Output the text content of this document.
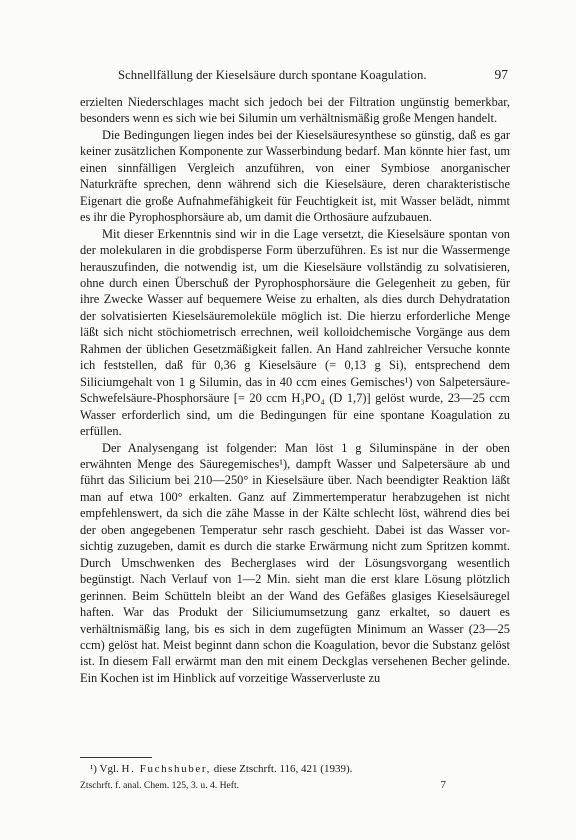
Schnellfällung der Kieselsäure durch spontane Koagulation.	97

erzielten Niederschlages macht sich jedoch bei der Filtration ungünstig bemerkbar, besonders wenn es sich wie bei Silumin um verhältnismäßig große Mengen handelt.

Die Bedingungen liegen indes bei der Kieselsäuresynthese so günstig, daß es gar keiner zusätzlichen Komponente zur Wasserbindung bedarf. Man könnte hier fast, um einen sinnfälligen Vergleich anzuführen, von einer Symbiose anorganischer Naturkräfte sprechen, denn während sich die Kieselsäure, deren charakteristische Eigenart die große Aufnahmefähigkeit für Feuchtigkeit ist, mit Wasser belädt, nimmt es ihr die Pyrophosphorsäure ab, um damit die Orthosäure aufzubauen.

Mit dieser Erkenntnis sind wir in die Lage versetzt, die Kieselsäure spontan von der molekularen in die grobdisperse Form überzuführen. Es ist nur die Wassermenge herauszufinden, die notwendig ist, um die Kieselsäure vollständig zu solvatisieren, ohne durch einen Überschuß der Pyrophosphorsäure die Gelegenheit zu geben, für ihre Zwecke Wasser auf bequemere Weise zu erhalten, als dies durch Dehydratation der solvatisierten Kieselsäuremoleküle möglich ist. Die hierzu erforderliche Menge läßt sich nicht stöchiometrisch errechnen, weil kolloidchemische Vorgänge aus dem Rahmen der üblichen Gesetzmäßigkeit fallen. An Hand zahlreicher Versuche konnte ich feststellen, daß für 0,36 g Kieselsäure (= 0,13 g Si), entsprechend dem Siliciumgehalt von 1 g Silumin, das in 40 ccm eines Gemisches¹) von Salpetersäure-Schwefelsäure-Phosphorsäure [= 20 ccm H₃PO₄ (D 1,7)] gelöst wurde, 23—25 ccm Wasser erforderlich sind, um die Bedingungen für eine spontane Koagulation zu erfüllen.

Der Analysengang ist folgender: Man löst 1 g Siluminspäne in der oben erwähnten Menge des Säuregemisches¹), dampft Wasser und Salpetersäure ab und führt das Silicium bei 210—250° in Kieselsäure über. Nach beendigter Reaktion läßt man auf etwa 100° erkalten. Ganz auf Zimmertemperatur herabzugehen ist nicht empfehlenswert, da sich die zähe Masse in der Kälte schlecht löst, während dies bei der oben angegebenen Temperatur sehr rasch geschieht. Dabei ist das Wasser vorsichtig zuzugeben, damit es durch die starke Erwärmung nicht zum Spritzen kommt. Durch Umschwenken des Becherglases wird der Lösungsvorgang wesentlich begünstigt. Nach Verlauf von 1—2 Min. sieht man die erst klare Lösung plötzlich gerinnen. Beim Schütteln bleibt an der Wand des Gefäßes glasiges Kieselsäuregel haften. War das Produkt der Siliciumumsetzung ganz erkaltet, so dauert es verhältnismäßig lang, bis es sich in dem zugefügten Minimum an Wasser (23—25 ccm) gelöst hat. Meist beginnt dann schon die Koagulation, bevor die Substanz gelöst ist. In diesem Fall erwärmt man den mit einem Deckglas versehenen Becher gelinde. Ein Kochen ist im Hinblick auf vorzeitige Wasserverluste zu

¹) Vgl. H. Fuchshuber, diese Ztschrft. 116, 421 (1939).
Ztschrft. f. anal. Chem. 125, 3. u. 4. Heft.	7
